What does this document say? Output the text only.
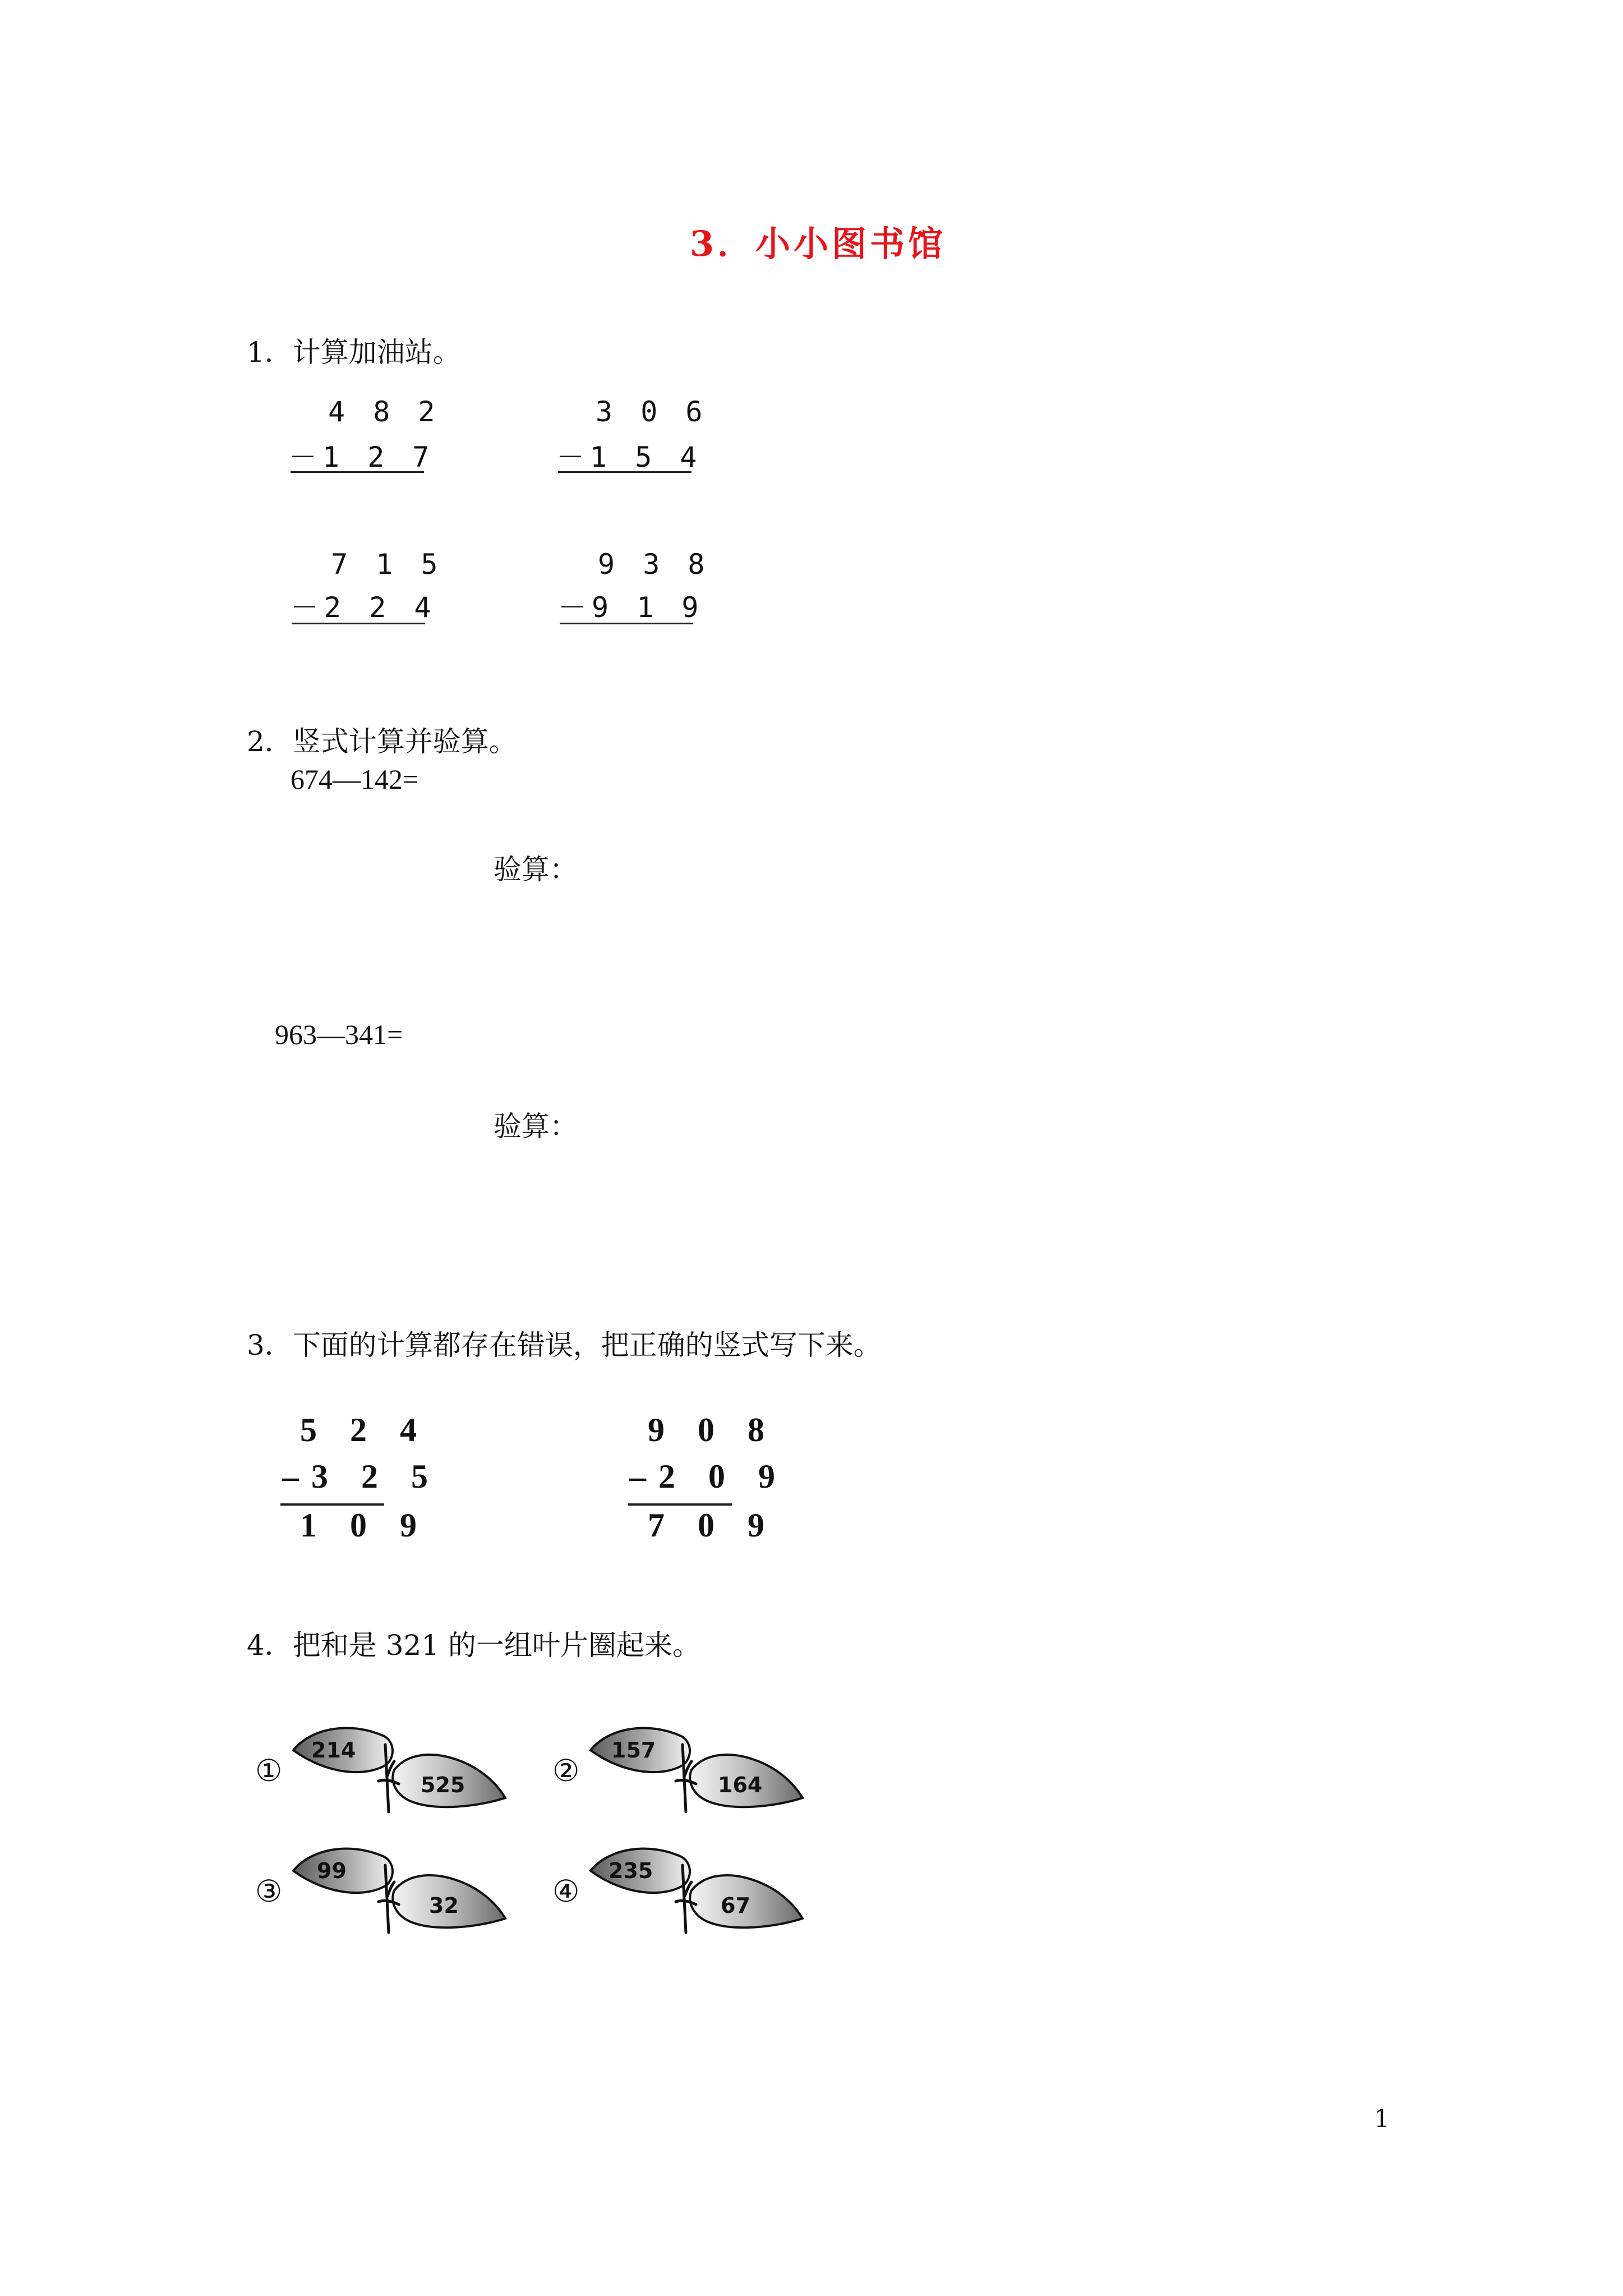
3．小小图书馆
1．计算加油站。
4 8 2
－1 2 7
3 0 6
－1 5 4
7 1 5
－2 2 4
9 3 8
－9 1 9
2．竖式计算并验算。
674—142=
验算：
963—341=
验算：
3．下面的计算都存在错误，把正确的竖式写下来。
5 2 4
–3 2 5
1 0 9
9 0 8
–2 0 9
7 0 9
4．把和是 321 的一组叶片圈起来。
①
214
525	②
157
164
③
99
32	④
235
67
1
